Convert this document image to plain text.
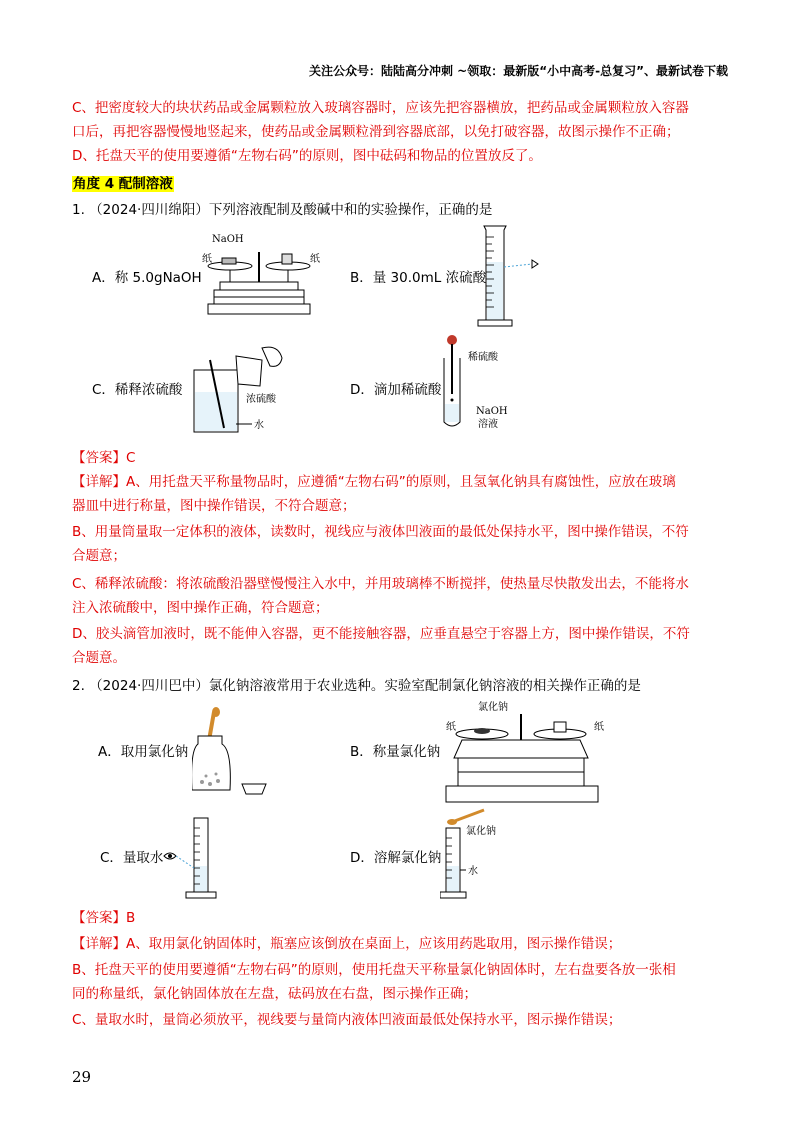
关注公众号：陆陆高分冲刺 ~领取：最新版“小中高考-总复习”、最新试卷下载
C、把密度较大的块状药品或金属颗粒放入玻璃容器时，应该先把容器横放，把药品或金属颗粒放入容器
口后，再把容器慢慢地竖起来，使药品或金属颗粒滑到容器底部，以免打破容器，故图示操作不正确；
D、托盘天平的使用要遵循“左物右码”的原则，图中砝码和物品的位置放反了。
角度 4 配制溶液
1. （2024·四川绵阳）下列溶液配制及酸碱中和的实验操作，正确的是
A．称 5.0gNaOH
NaOH
纸	纸
B．量 30.0mL 浓硫酸
C．稀释浓硫酸
浓硫酸
水
D．滴加稀硫酸
稀硫酸
NaOH
溶液
【答案】C
【详解】A、用托盘天平称量物品时，应遵循“左物右码”的原则，且氢氧化钠具有腐蚀性，应放在玻璃
器皿中进行称量，图中操作错误，不符合题意；
B、用量筒量取一定体积的液体，读数时，视线应与液体凹液面的最低处保持水平，图中操作错误，不符
合题意；
C、稀释浓硫酸：将浓硫酸沿器壁慢慢注入水中，并用玻璃棒不断搅拌，使热量尽快散发出去，不能将水
注入浓硫酸中，图中操作正确，符合题意；
D、胶头滴管加液时，既不能伸入容器，更不能接触容器，应垂直悬空于容器上方，图中操作错误，不符
合题意。
2. （2024·四川巴中）氯化钠溶液常用于农业选种。实验室配制氯化钠溶液的相关操作正确的是
A．取用氯化钠	B．称量氯化钠
氯化钠
纸	纸
C．量取水	D．溶解氯化钠
氯化钠
水
【答案】B
【详解】A、取用氯化钠固体时，瓶塞应该倒放在桌面上，应该用药匙取用，图示操作错误；
B、托盘天平的使用要遵循“左物右码”的原则，使用托盘天平称量氯化钠固体时，左右盘要各放一张相
同的称量纸，氯化钠固体放在左盘，砝码放在右盘，图示操作正确；
C、量取水时，量筒必须放平，视线要与量筒内液体凹液面最低处保持水平，图示操作错误；
29
